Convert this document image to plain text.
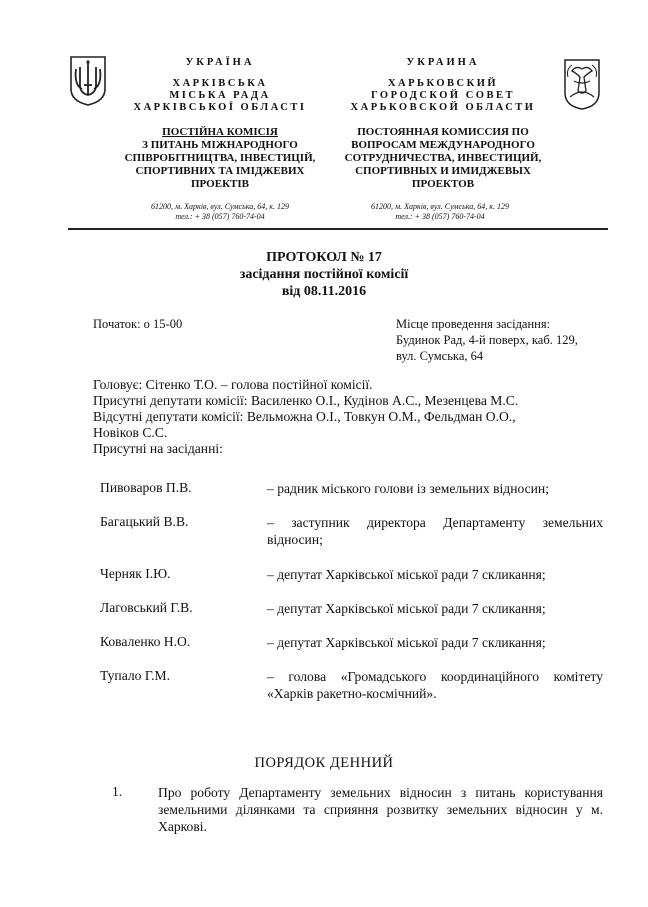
УКРАЇНА
ХАРКІВСЬКА
МІСЬКА РАДА
ХАРКІВСЬКОЇ ОБЛАСТІ
ПОСТІЙНА КОМІСІЯ
З ПИТАНЬ МІЖНАРОДНОГО
СПІВРОБІТНИЦТВА, ІНВЕСТИЦІЙ,
СПОРТИВНИХ ТА ІМІДЖЕВИХ
ПРОЕКТІВ
УКРАИНА
ХАРЬКОВСКИЙ
ГОРОДСКОЙ СОВЕТ
ХАРЬКОВСКОЙ ОБЛАСТИ
ПОСТОЯННАЯ КОМИССИЯ ПО
ВОПРОСАМ МЕЖДУНАРОДНОГО
СОТРУДНИЧЕСТВА, ИНВЕСТИЦИЙ,
СПОРТИВНЫХ И ИМИДЖЕВЫХ
ПРОЕКТОВ
61200, м. Харків, вул. Сумська, 64, к. 129
тел.: + 38 (057) 760-74-04
61200, м. Харків, вул. Сумська, 64, к. 129
тел.: + 38 (057) 760-74-04
ПРОТОКОЛ № 17
засідання постійної комісії
від 08.11.2016
Початок: о 15-00	Місце проведення засідання:
Будинок Рад, 4-й поверх, каб. 129,
вул. Сумська, 64
Головує: Сітенко Т.О. – голова постійної комісії.
Присутні депутати комісії: Василенко О.І., Кудінов А.С., Мезенцева М.С.
Відсутні депутати комісії: Вельможна О.І., Товкун О.М., Фельдман О.О.,
Новіков С.С.
Присутні на засіданні:
Пивоваров П.В.	– радник міського голови із земельних відносин;
Багацький В.В.	– заступник директора Департаменту земельних відносин;
Черняк І.Ю.	– депутат Харківської міської ради 7 скликання;
Лаговський Г.В.	– депутат Харківської міської ради 7 скликання;
Коваленко Н.О.	– депутат Харківської міської ради 7 скликання;
Тупало Г.М.	– голова «Громадського координаційного комітету «Харків ракетно-космічний».
ПОРЯДОК ДЕННИЙ
1.	Про роботу Департаменту земельних відносин з питань користування земельними ділянками та сприяння розвитку земельних відносин у м. Харкові.
